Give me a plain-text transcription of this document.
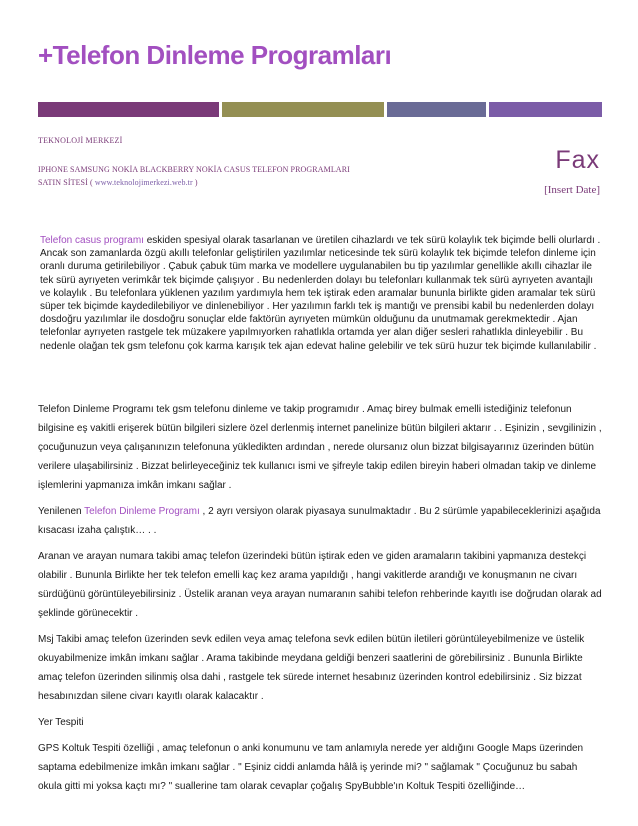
+Telefon Dinleme Programları
TEKNOLOJİ MERKEZİ
IPHONE SAMSUNG NOKİA BLACKBERRY NOKİA CASUS TELEFON PROGRAMLARI
SATIN SİTESİ ( www.teknolojimerkezi.web.tr )
Fax
[Insert Date]
Telefon casus programı eskiden spesiyal olarak tasarlanan ve üretilen cihazlardı ve tek sürü kolaylık tek biçimde belli olurlardı . Ancak son zamanlarda özgü akıllı telefonlar geliştirilen yazılımlar neticesinde tek sürü kolaylık tek biçimde telefon dinleme için oranlı duruma getirilebiliyor . Çabuk çabuk tüm marka ve modellere uygulanabilen bu tip yazılımlar genellikle akıllı cihazlar ile tek sürü ayrıyeten verimkâr tek biçimde çalışıyor . Bu nedenlerden dolayı bu telefonları kullanmak tek sürü ayrıyeten avantajlı ve kolaylık . Bu telefonlara yüklenen yazılım yardımıyla hem tek iştirak eden aramalar bununla birlikte giden aramalar tek sürü süper tek biçimde kaydedilebiliyor ve dinlenebiliyor . Her yazılımın farklı tek iş mantığı ve prensibi kabil bu nedenlerden dolayı dosdoğru yazılımlar ile dosdoğru sonuçlar elde faktörün ayrıyeten mümkün olduğunu da unutmamak gerekmektedir . Ajan telefonlar ayrıyeten rastgele tek müzakere yapılmıyorken rahatlıkla ortamda yer alan diğer sesleri rahatlıkla dinleyebilir . Bu nedenle olağan tek gsm telefonu çok karma karışık tek ajan edevat haline gelebilir ve tek sürü huzur tek biçimde kullanılabilir .

Telefon Dinleme Programı tek gsm telefonu dinleme ve takip programıdır . Amaç birey bulmak emelli istediğiniz telefonun bilgisine eş vakitli erişerek bütün bilgileri sizlere özel derlenmiş internet panelinize bütün bilgileri aktarır . . Eşinizin , sevgilinizin , çocuğunuzun veya çalışanınızın telefonuna yükledikten ardından , nerede olursanız olun bizzat bilgisayarınız üzerinden bütün verilere ulaşabilirsiniz . Bizzat belirleyeceğiniz tek kullanıcı ismi ve şifreyle takip edilen bireyin haberi olmadan takip ve dinleme işlemlerini yapmanıza imkân imkanı sağlar .

Yenilenen Telefon Dinleme Programı , 2 ayrı versiyon olarak piyasaya sunulmaktadır . Bu 2 sürümle yapabileceklerinizi aşağıda kısacası izaha çalıştık… . .

Aranan ve arayan numara takibi amaç telefon üzerindeki bütün iştirak eden ve giden aramaların takibini yapmanıza destekçi olabilir . Bununla Birlikte her tek telefon emelli kaç kez arama yapıldığı , hangi vakitlerde arandığı ve konuşmanın ne civarı sürdüğünü görüntüleyebilirsiniz . Üstelik aranan veya arayan numaranın sahibi telefon rehberinde kayıtlı ise doğrudan olarak ad şeklinde görünecektir .

Msj Takibi amaç telefon üzerinden sevk edilen veya amaç telefona sevk edilen bütün iletileri görüntüleyebilmenize ve üstelik okuyabilmenize imkân imkanı sağlar . Arama takibinde meydana geldiği benzeri saatlerini de görebilirsiniz . Bununla Birlikte amaç telefon üzerinden silinmiş olsa dahi , rastgele tek sürede internet hesabınız üzerinden kontrol edebilirsiniz . Siz bizzat hesabınızdan silene civarı kayıtlı olarak kalacaktır .

Yer Tespiti

GPS Koltuk Tespiti özelliği , amaç telefonun o anki konumunu ve tam anlamıyla nerede yer aldığını Google Maps üzerinden saptama edebilmenize imkân imkanı sağlar . " Eşiniz ciddi anlamda hâlâ iş yerinde mi? " sağlamak " Çocuğunuz bu sabah okula gitti mi yoksa kaçtı mı? " suallerine tam olarak cevaplar çoğalış SpyBubble'ın Koltuk Tespiti özelliğinde…
